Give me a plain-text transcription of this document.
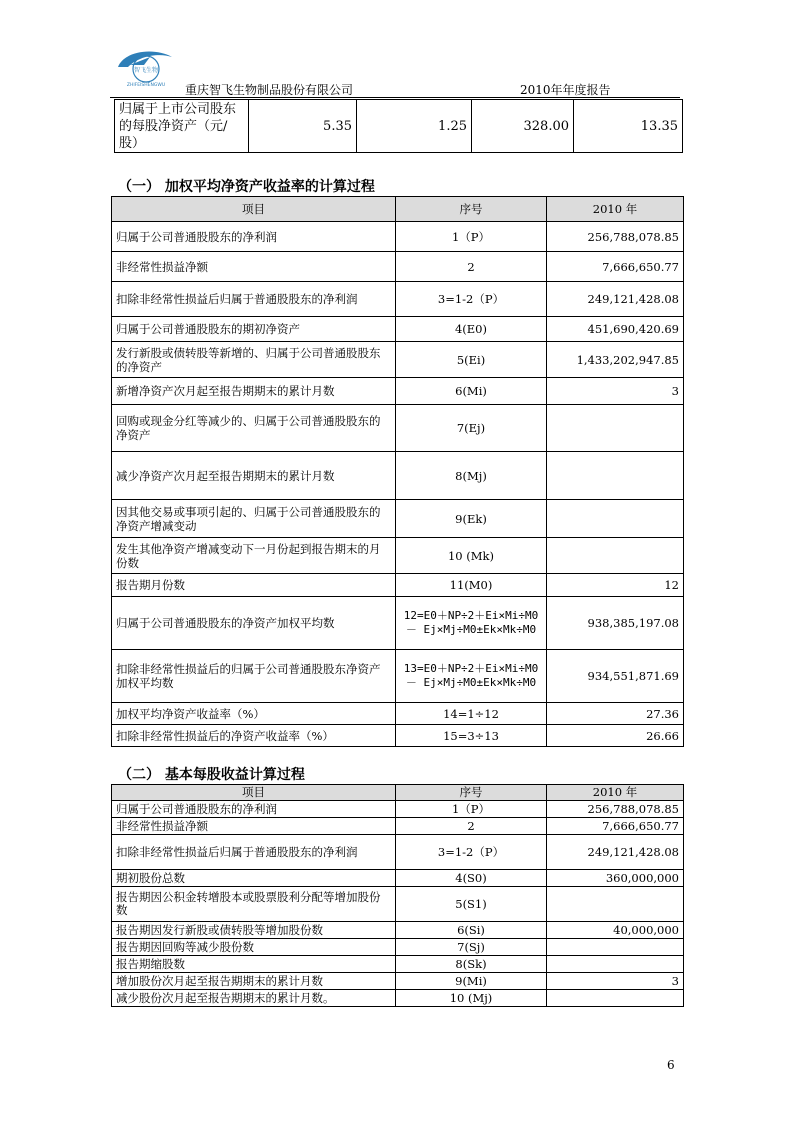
智飞生物
ZHIFEISHENGWU 重庆智飞生物制品股份有限公司	2010年年度报告
归属于上市公司股东的每股净资产（元/股）	5.35	1.25	328.00	13.35
（一） 加权平均净资产收益率的计算过程
项目	序号	2010 年
归属于公司普通股股东的净利润	1（P）	256,788,078.85
非经常性损益净额	2	7,666,650.77
扣除非经常性损益后归属于普通股股东的净利润	3=1-2（P）	249,121,428.08
归属于公司普通股股东的期初净资产	4(E0)	451,690,420.69
发行新股或债转股等新增的、归属于公司普通股股东的净资产	5(Ei)	1,433,202,947.85
新增净资产次月起至报告期期末的累计月数	6(Mi)	3
回购或现金分红等减少的、归属于公司普通股股东的净资产	7(Ej)	
减少净资产次月起至报告期期末的累计月数	8(Mj)	
因其他交易或事项引起的、归属于公司普通股股东的净资产增减变动	9(Ek)	
发生其他净资产增减变动下一月份起到报告期末的月份数	10 (Mk)	
报告期月份数	11(M0)	12
归属于公司普通股股东的净资产加权平均数	12=E0＋NP÷2＋Ei×Mi÷M0－ Ej×Mj÷M0±Ek×Mk÷M0	938,385,197.08
扣除非经常性损益后的归属于公司普通股股东净资产加权平均数	13=E0＋NP÷2＋Ei×Mi÷M0－ Ej×Mj÷M0±Ek×Mk÷M0	934,551,871.69
加权平均净资产收益率（%）	14=1÷12	27.36
扣除非经常性损益后的净资产收益率（%）	15=3÷13	26.66
（二） 基本每股收益计算过程
项目	序号	2010 年
归属于公司普通股股东的净利润	1（P）	256,788,078.85
非经常性损益净额	2	7,666,650.77
扣除非经常性损益后归属于普通股股东的净利润	3=1-2（P）	249,121,428.08
期初股份总数	4(S0)	360,000,000
报告期因公积金转增股本或股票股利分配等增加股份数	5(S1)	
报告期因发行新股或债转股等增加股份数	6(Si)	40,000,000
报告期因回购等减少股份数	7(Sj)	
报告期缩股数	8(Sk)	
增加股份次月起至报告期期末的累计月数	9(Mi)	3
减少股份次月起至报告期期末的累计月数。	10 (Mj)	
6
